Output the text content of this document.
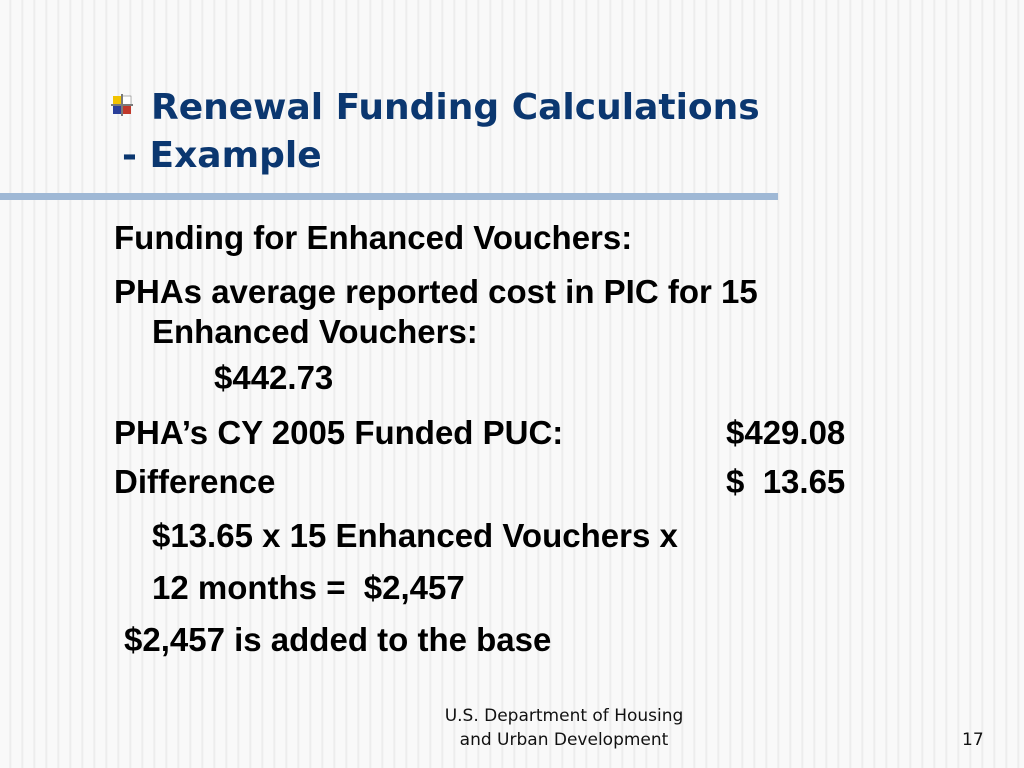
Renewal Funding Calculations
- Example
Funding for Enhanced Vouchers:
PHAs average reported cost in PIC for 15
Enhanced Vouchers:
$442.73
PHA’s CY 2005 Funded PUC:	$429.08
Difference	$  13.65
$13.65 x 15 Enhanced Vouchers x
12 months =  $2,457
$2,457 is added to the base
U.S. Department of Housing
and Urban Development	17
